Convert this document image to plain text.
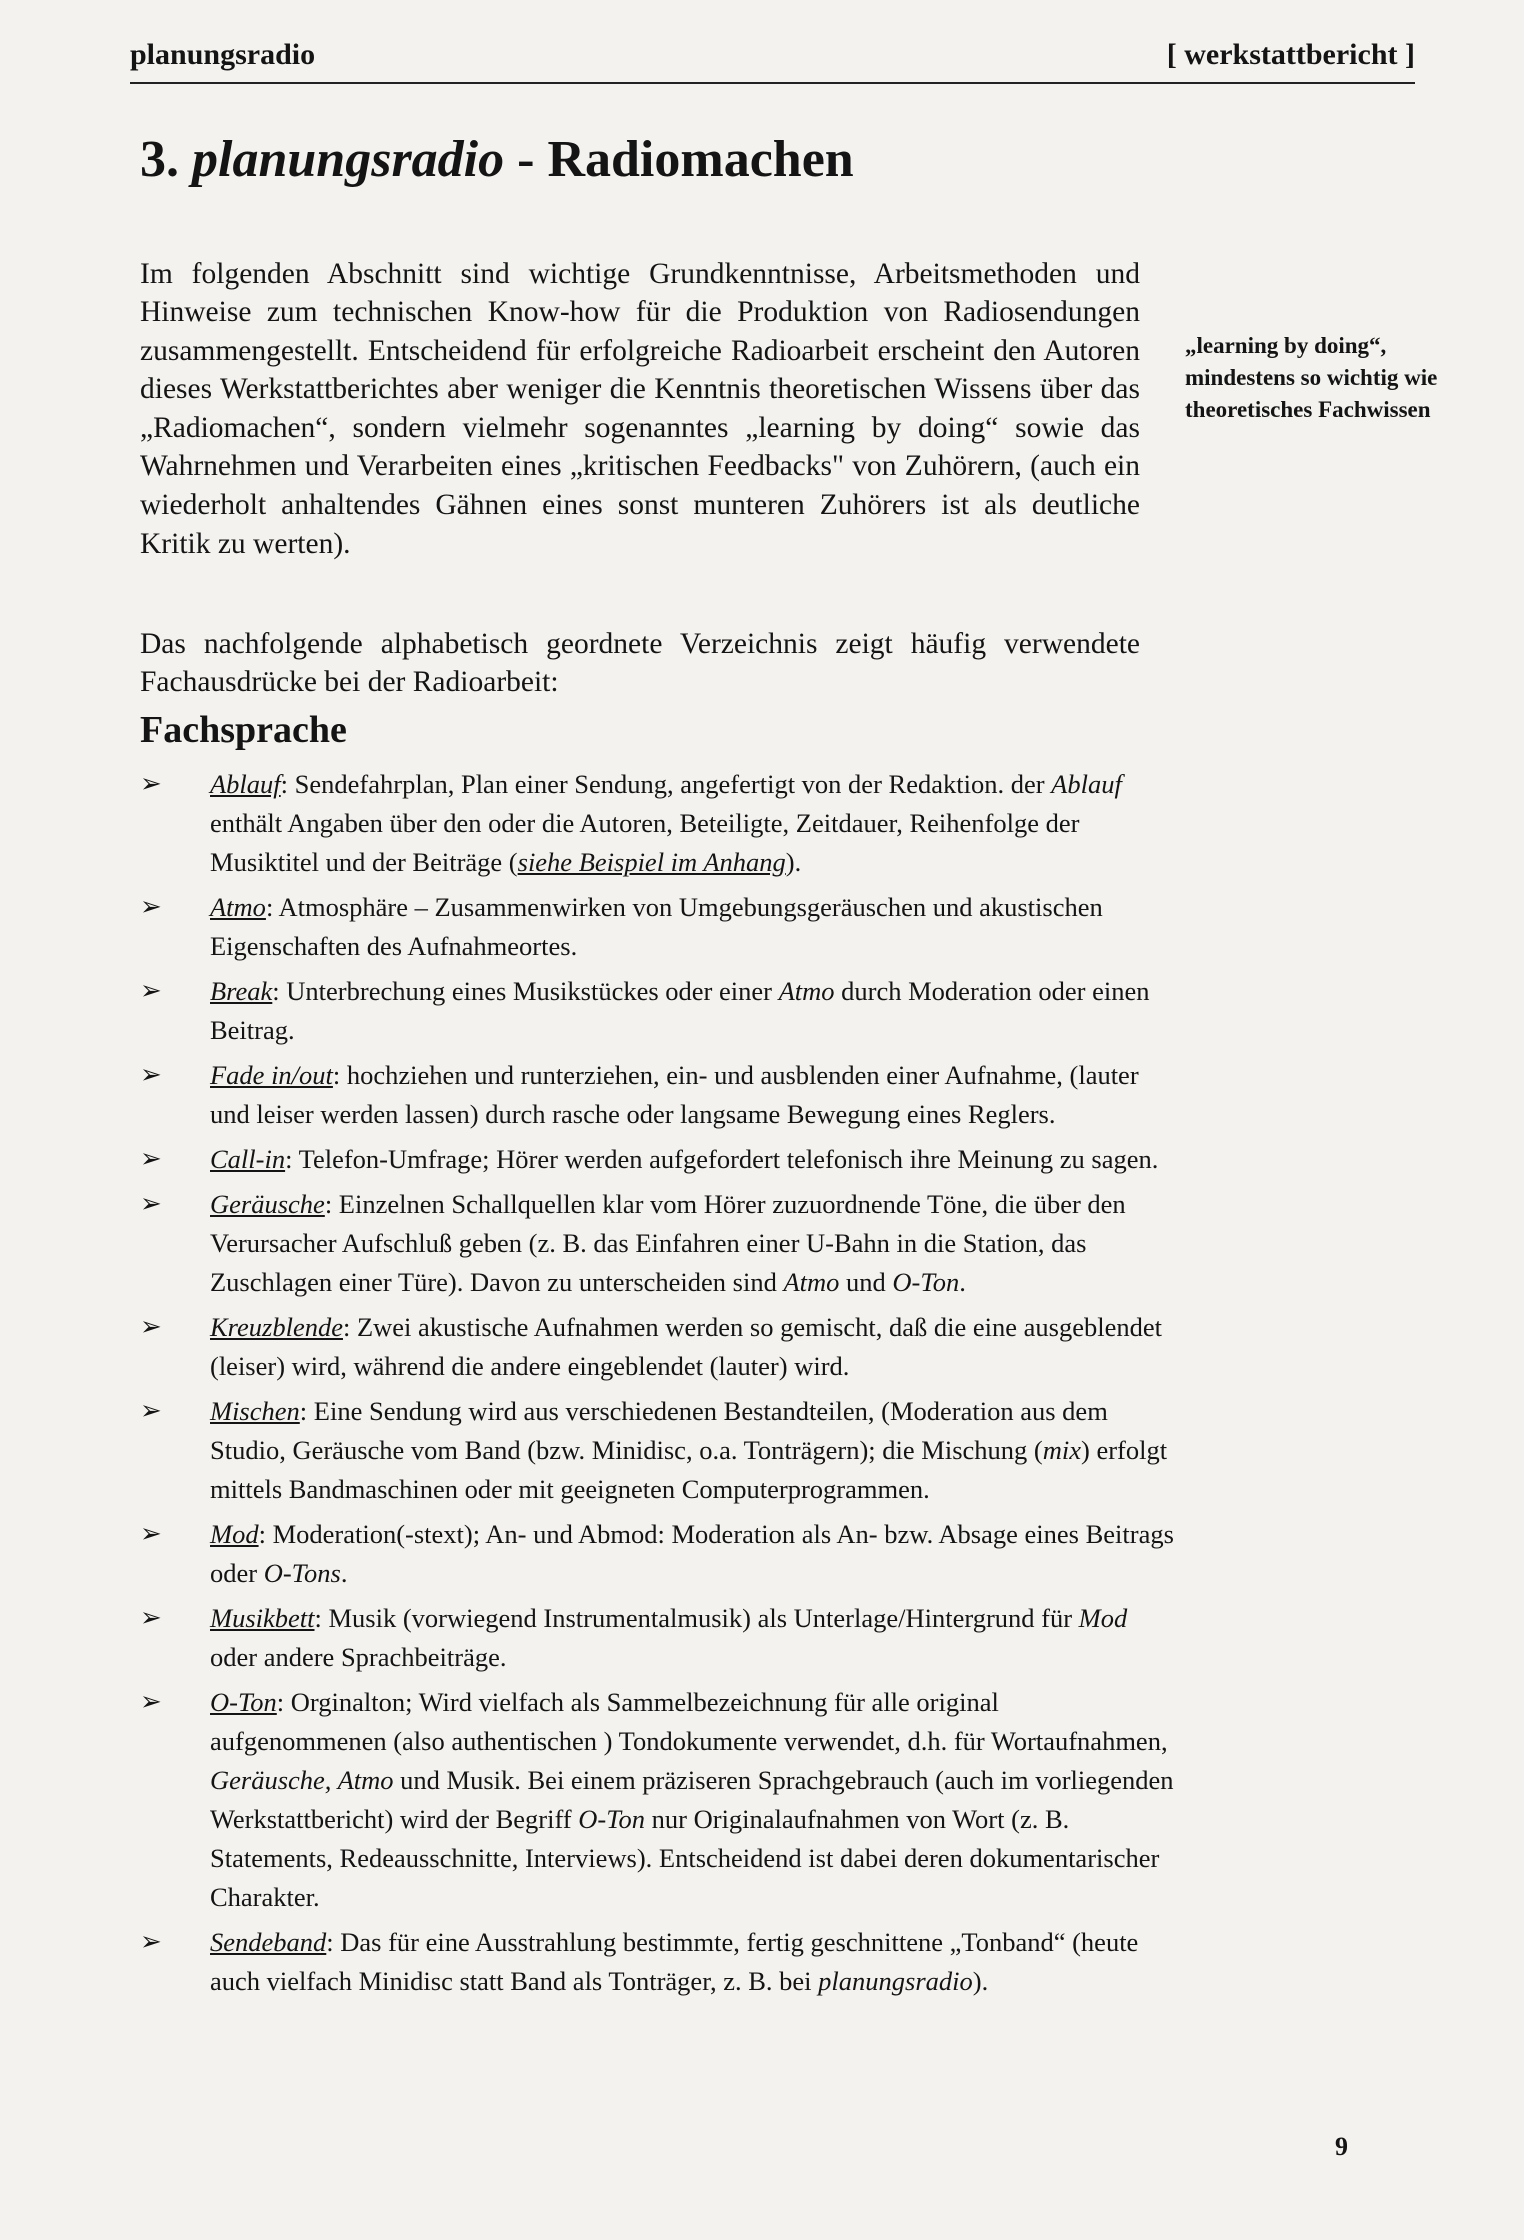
planungsradio	[ werkstattbericht ]
3. planungsradio - Radiomachen

Im folgenden Abschnitt sind wichtige Grundkenntnisse, Arbeitsmethoden und Hinweise zum technischen Know-how für die Produktion von Radiosendungen zusammengestellt. Entscheidend für erfolgreiche Radioarbeit erscheint den Autoren dieses Werkstattberichtes aber weniger die Kenntnis theoretischen Wissens über das „Radiomachen“, sondern vielmehr sogenanntes „learning by doing“ sowie das Wahrnehmen und Verarbeiten eines „kritischen Feedbacks" von Zuhörern, (auch ein wiederholt anhaltendes Gähnen eines sonst munteren Zuhörers ist als deutliche Kritik zu werten).

Das nachfolgende alphabetisch geordnete Verzeichnis zeigt häufig verwendete Fachausdrücke bei der Radioarbeit:

„learning by doing“, mindestens so wichtig wie theoretisches Fachwissen
Fachsprache
➢ Ablauf: Sendefahrplan, Plan einer Sendung, angefertigt von der Redaktion. der Ablauf enthält Angaben über den oder die Autoren, Beteiligte, Zeitdauer, Reihenfolge der Musiktitel und der Beiträge (siehe Beispiel im Anhang).
➢ Atmo: Atmosphäre – Zusammenwirken von Umgebungsgeräuschen und akustischen Eigenschaften des Aufnahmeortes.
➢ Break: Unterbrechung eines Musikstückes oder einer Atmo durch Moderation oder einen Beitrag.
➢ Fade in/out: hochziehen und runterziehen, ein- und ausblenden einer Aufnahme, (lauter und leiser werden lassen) durch rasche oder langsame Bewegung eines Reglers.
➢ Call-in: Telefon-Umfrage; Hörer werden aufgefordert telefonisch ihre Meinung zu sagen.
➢ Geräusche: Einzelnen Schallquellen klar vom Hörer zuzuordnende Töne, die über den Verursacher Aufschluß geben (z. B. das Einfahren einer U-Bahn in die Station, das Zuschlagen einer Türe). Davon zu unterscheiden sind Atmo und O-Ton.
➢ Kreuzblende: Zwei akustische Aufnahmen werden so gemischt, daß die eine ausgeblendet (leiser) wird, während die andere eingeblendet (lauter) wird.
➢ Mischen: Eine Sendung wird aus verschiedenen Bestandteilen, (Moderation aus dem Studio, Geräusche vom Band (bzw. Minidisc, o.a. Tonträgern); die Mischung (mix) erfolgt mittels Bandmaschinen oder mit geeigneten Computerprogrammen.
➢ Mod: Moderation(-stext); An- und Abmod: Moderation als An- bzw. Absage eines Beitrags oder O-Tons.
➢ Musikbett: Musik (vorwiegend Instrumentalmusik) als Unterlage/Hintergrund für Mod oder andere Sprachbeiträge.
➢ O-Ton: Orginalton; Wird vielfach als Sammelbezeichnung für alle original aufgenommenen (also authentischen ) Tondokumente verwendet, d.h. für Wortaufnahmen, Geräusche, Atmo und Musik. Bei einem präziseren Sprachgebrauch (auch im vorliegenden Werkstattbericht) wird der Begriff O-Ton nur Originalaufnahmen von Wort (z. B. Statements, Redeausschnitte, Interviews). Entscheidend ist dabei deren dokumentarischer Charakter.
➢ Sendeband: Das für eine Ausstrahlung bestimmte, fertig geschnittene „Tonband“ (heute auch vielfach Minidisc statt Band als Tonträger, z. B. bei planungsradio).
9
